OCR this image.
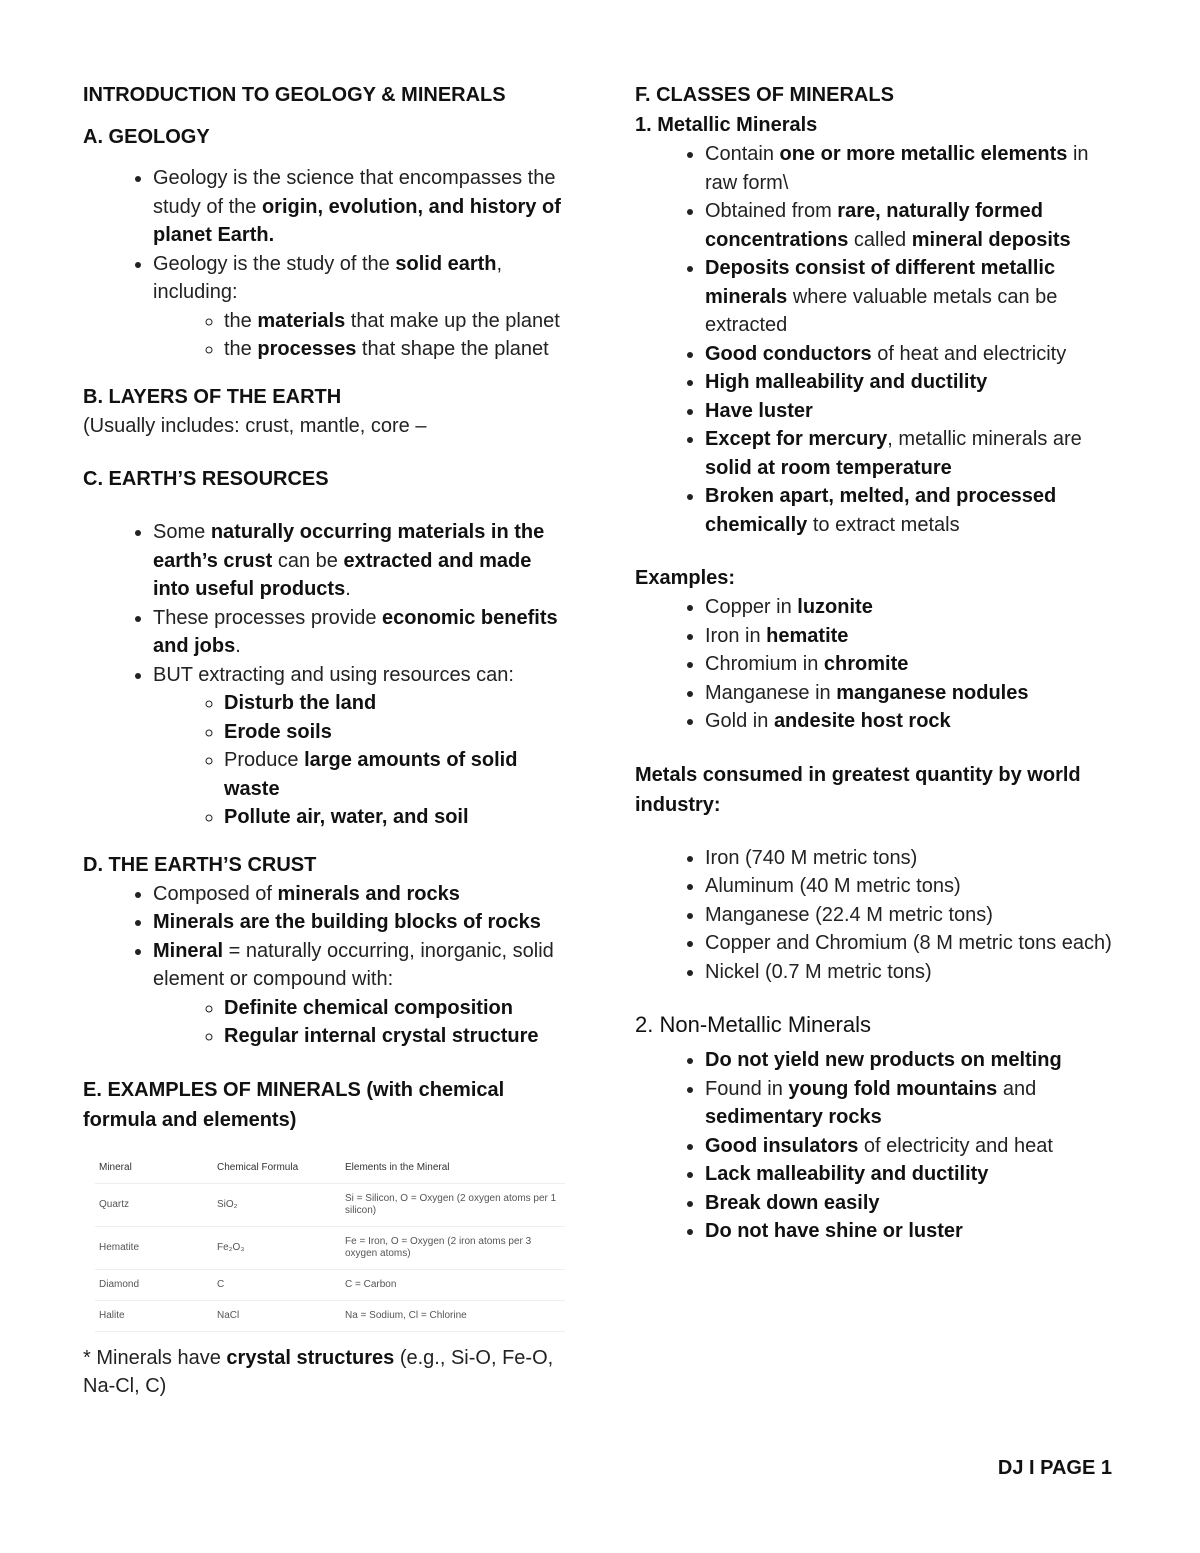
INTRODUCTION TO GEOLOGY & MINERALS
A. GEOLOGY
• Geology is the science that encompasses the study of the origin, evolution, and history of planet Earth.
• Geology is the study of the solid earth, including:
◦ the materials that make up the planet
◦ the processes that shape the planet
B. LAYERS OF THE EARTH

(Usually includes: crust, mantle, core –

C. EARTH’S RESOURCES
• Some naturally occurring materials in the earth’s crust can be extracted and made into useful products.
• These processes provide economic benefits and jobs.
• BUT extracting and using resources can:
◦ Disturb the land
◦ Erode soils
◦ Produce large amounts of solid waste
◦ Pollute air, water, and soil
D. THE EARTH’S CRUST
• Composed of minerals and rocks
• Minerals are the building blocks of rocks
• Mineral = naturally occurring, inorganic, solid element or compound with:
◦ Definite chemical composition
◦ Regular internal crystal structure
E. EXAMPLES OF MINERALS (with chemical formula and elements)
Mineral	Chemical Formula	Elements in the Mineral
Quartz	SiO₂	Si = Silicon, O = Oxygen (2 oxygen atoms per 1 silicon)
Hematite	Fe₂O₃	Fe = Iron, O = Oxygen (2 iron atoms per 3 oxygen atoms)
Diamond	C	C = Carbon
Halite	NaCl	Na = Sodium, Cl = Chlorine

* Minerals have crystal structures (e.g., Si-O, Fe-O, Na-Cl, C)

F. CLASSES OF MINERALS
1. Metallic Minerals
• Contain one or more metallic elements in raw form\
• Obtained from rare, naturally formed concentrations called mineral deposits
• Deposits consist of different metallic minerals where valuable metals can be extracted
• Good conductors of heat and electricity
• High malleability and ductility
• Have luster
• Except for mercury, metallic minerals are solid at room temperature
• Broken apart, melted, and processed chemically to extract metals
Examples:
• Copper in luzonite
• Iron in hematite
• Chromium in chromite
• Manganese in manganese nodules
• Gold in andesite host rock
Metals consumed in greatest quantity by world industry:
• Iron (740 M metric tons)
• Aluminum (40 M metric tons)
• Manganese (22.4 M metric tons)
• Copper and Chromium (8 M metric tons each)
• Nickel (0.7 M metric tons)
2. Non-Metallic Minerals
• Do not yield new products on melting
• Found in young fold mountains and sedimentary rocks
• Good insulators of electricity and heat
• Lack malleability and ductility
• Break down easily
• Do not have shine or luster
DJ I PAGE 1
